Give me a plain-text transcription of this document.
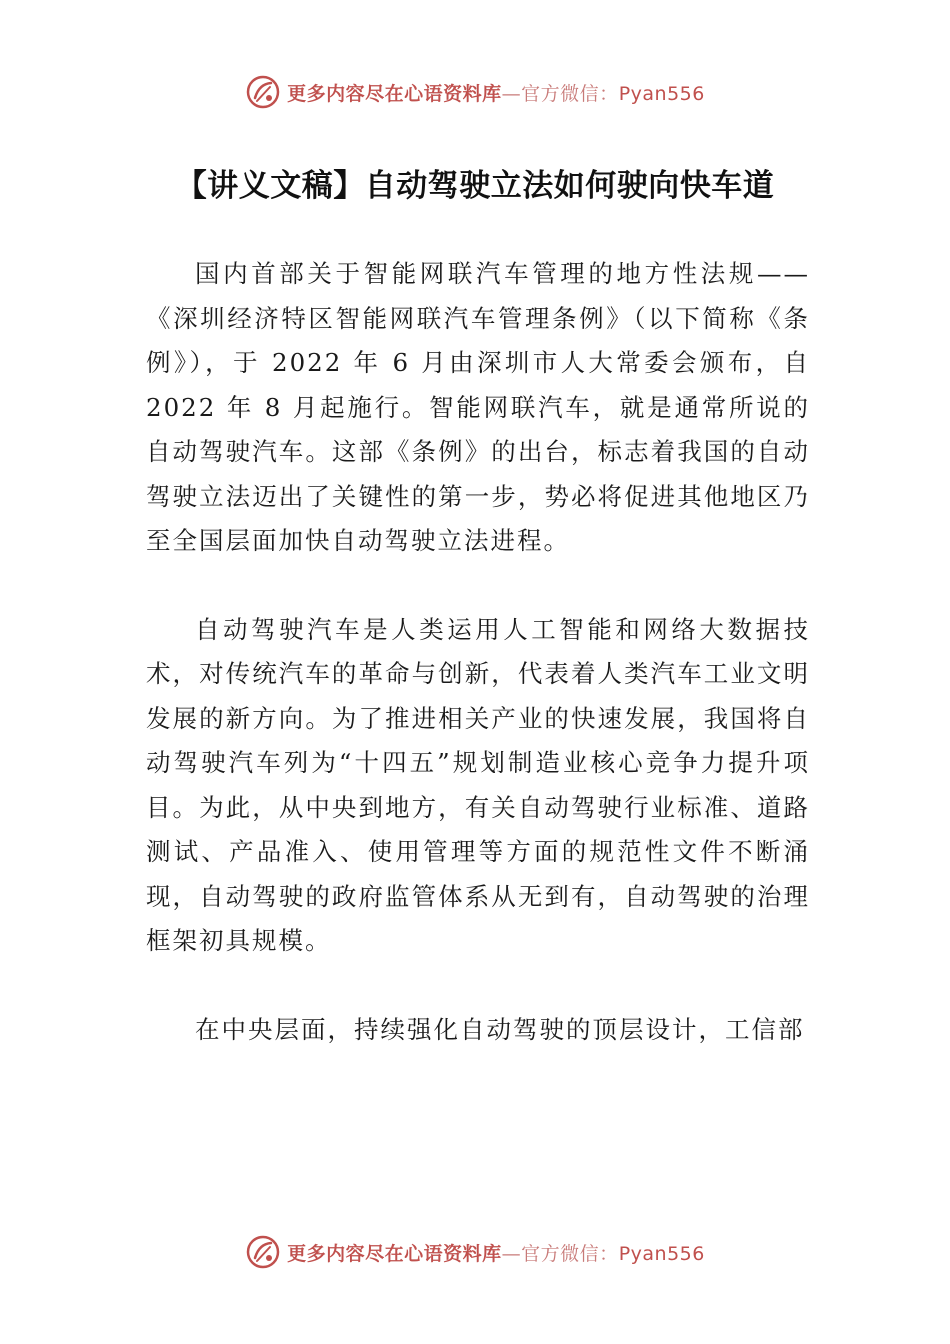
更多内容尽在心语资料库—官方微信：Pyan556
【讲义文稿】自动驾驶立法如何驶向快车道

国内首部关于智能网联汽车管理的地方性法规——《深圳经济特区智能网联汽车管理条例》（以下简称《条例》），于 2022 年 6 月由深圳市人大常委会颁布，自 2022 年 8 月起施行。智能网联汽车，就是通常所说的自动驾驶汽车。这部《条例》的出台，标志着我国的自动驾驶立法迈出了关键性的第一步，势必将促进其他地区乃至全国层面加快自动驾驶立法进程。

自动驾驶汽车是人类运用人工智能和网络大数据技术，对传统汽车的革命与创新，代表着人类汽车工业文明发展的新方向。为了推进相关产业的快速发展，我国将自动驾驶汽车列为“十四五”规划制造业核心竞争力提升项目。为此，从中央到地方，有关自动驾驶行业标准、道路测试、产品准入、使用管理等方面的规范性文件不断涌现，自动驾驶的政府监管体系从无到有，自动驾驶的治理框架初具规模。

在中央层面，持续强化自动驾驶的顶层设计，工信部

更多内容尽在心语资料库—官方微信：Pyan556
